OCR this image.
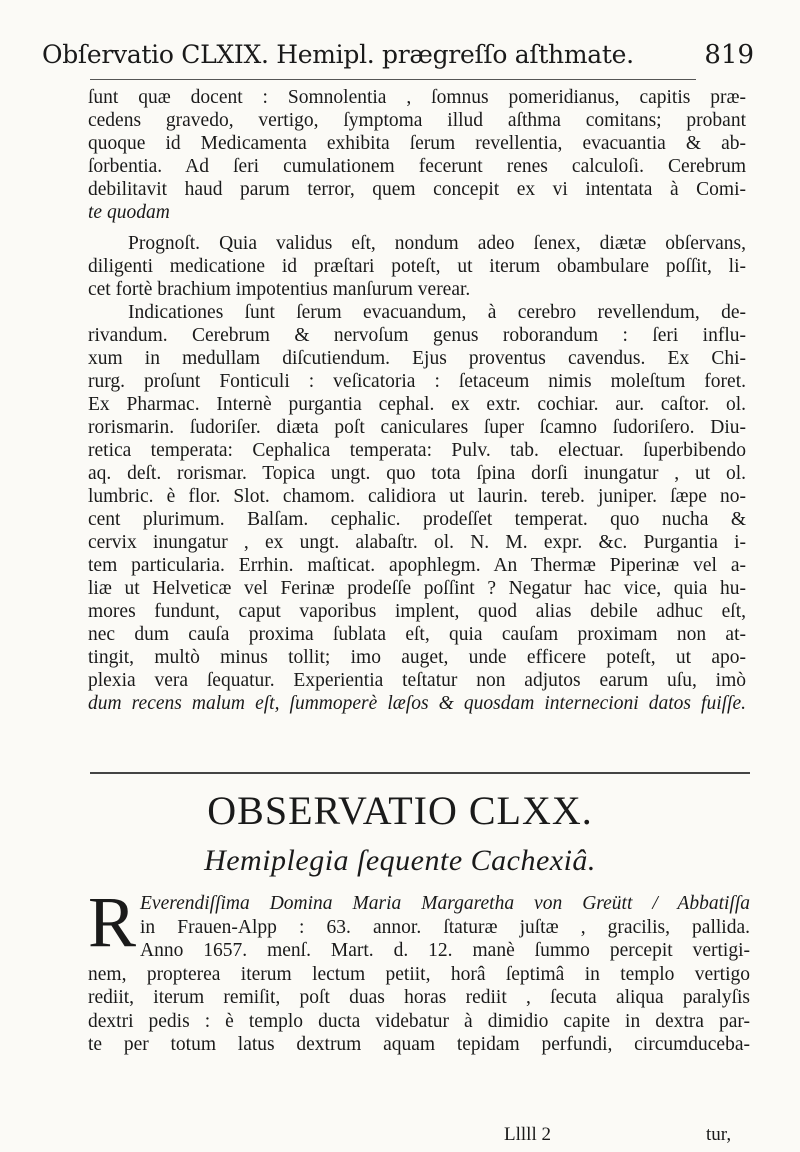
Obſervatio CLXIX. Hemipl. prægreſſo aſthmate.	819
ſunt quæ docent : Somnolentia , ſomnus pomeridianus, capitis præ-
cedens gravedo, vertigo, ſymptoma illud aſthma comitans; probant
quoque id Medicamenta exhibita ſerum revellentia, evacuantia & ab-
ſorbentia. Ad ſeri cumulationem fecerunt renes calculoſi. Cerebrum
debilitavit haud parum terror, quem concepit ex vi intentata à Comi-
te quodam
Prognoſt. Quia validus eſt, nondum adeo ſenex, diætæ obſervans,
diligenti medicatione id præſtari poteſt, ut iterum obambulare poſſit, li-
cet fortè brachium impotentius manſurum verear.
Indicationes ſunt ſerum evacuandum, à cerebro revellendum, de-
rivandum. Cerebrum & nervoſum genus roborandum : ſeri influ-
xum in medullam diſcutiendum. Ejus proventus cavendus. Ex Chi-
rurg. proſunt Fonticuli : veſicatoria : ſetaceum nimis moleſtum foret.
Ex Pharmac. Internè purgantia cephal. ex extr. cochiar. aur. caſtor. ol.
rorismarin. ſudoriſer. diæta poſt caniculares ſuper ſcamno ſudoriſero. Diu-
retica temperata: Cephalica temperata: Pulv. tab. electuar. ſuperbibendo
aq. deſt. rorismar. Topica ungt. quo tota ſpina dorſi inungatur , ut ol.
lumbric. è flor. Slot. chamom. calidiora ut laurin. tereb. juniper. ſæpe no-
cent plurimum. Balſam. cephalic. prodeſſet temperat. quo nucha &
cervix inungatur , ex ungt. alabaſtr. ol. N. M. expr. &c. Purgantia i-
tem particularia. Errhin. maſticat. apophlegm. An Thermæ Piperinæ vel a-
liæ ut Helveticæ vel Ferinæ prodeſſe poſſint ? Negatur hac vice, quia hu-
mores fundunt, caput vaporibus implent, quod alias debile adhuc eſt,
nec dum cauſa proxima ſublata eſt, quia cauſam proximam non at-
tingit, multò minus tollit; imo auget, unde efficere poteſt, ut apo-
plexia vera ſequatur. Experientia teſtatur non adjutos earum uſu, imò
dum recens malum eſt, ſummoperè læſos & quosdam internecioni datos fuiſſe.
OBSERVATIO CLXX.
Hemiplegia ſequente Cachexiâ.
R Everendiſſima Domina Maria Margaretha von Greütt / Abbatiſſa
in Frauen-Alpp : 63. annor. ſtaturæ juſtæ , gracilis, pallida.
Anno 1657. menſ. Mart. d. 12. manè ſummo percepit vertigi-
nem, propterea iterum lectum petiit, horâ ſeptimâ in templo vertigo
rediit, iterum remiſit, poſt duas horas rediit , ſecuta aliqua paralyſis
dextri pedis : è templo ducta videbatur à dimidio capite in dextra par-
te per totum latus dextrum aquam tepidam perfundi, circumduceba-
Lllll 2	tur,
